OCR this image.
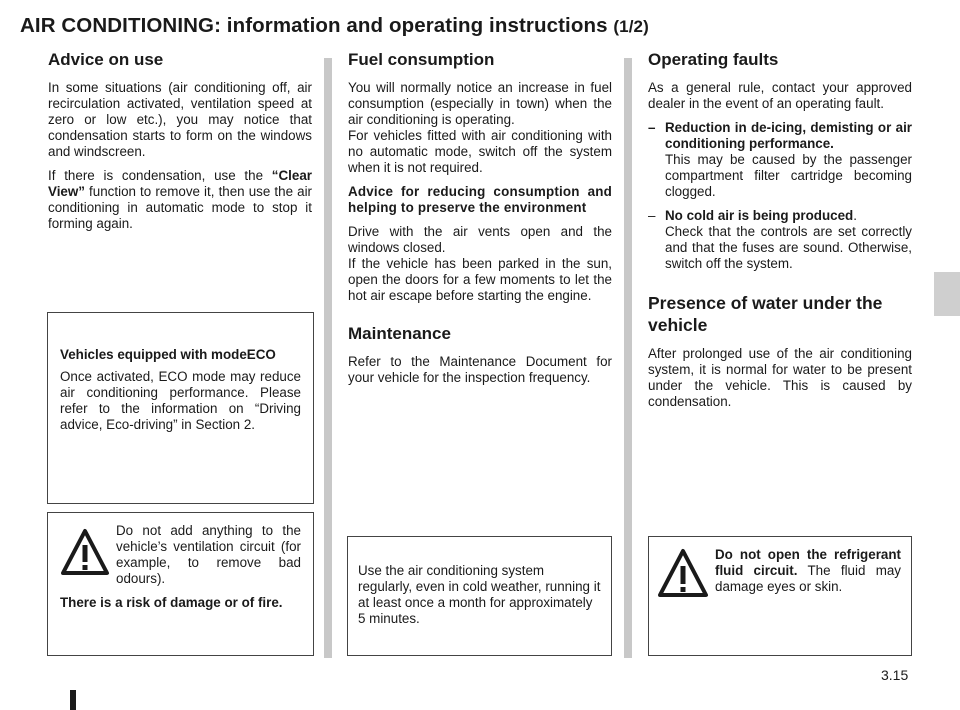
AIR CONDITIONING: information and operating instructions (1/2)
Advice on use

In some situations (air conditioning off, air recirculation activated, ventilation speed at zero or low etc.), you may notice that condensation starts to form on the windows and windscreen.

If there is condensation, use the “Clear View” function to remove it, then use the air conditioning in automatic mode to stop it forming again.

Vehicles equipped with modeECO

Once activated, ECO mode may reduce air conditioning performance. Please refer to the information on “Driving advice, Eco-driving” in Section 2.

Do not add anything to the vehicle’s ventilation circuit (for example, to remove bad odours).

There is a risk of damage or of fire.

Fuel consumption

You will normally notice an increase in fuel consumption (especially in town) when the air conditioning is operating.

For vehicles fitted with air conditioning with no automatic mode, switch off the system when it is not required.

Advice for reducing consumption and helping to preserve the environment

Drive with the air vents open and the windows closed.

If the vehicle has been parked in the sun, open the doors for a few moments to let the hot air escape before starting the engine.

Maintenance

Refer to the Maintenance Document for your vehicle for the inspection frequency.

Use the air conditioning system regularly, even in cold weather, running it at least once a month for approximately 5 minutes.

Operating faults

As a general rule, contact your approved dealer in the event of an operating fault.

– Reduction in de-icing, demisting or air conditioning performance.
This may be caused by the passenger compartment filter cartridge becoming clogged.
– No cold air is being produced.
Check that the controls are set correctly and that the fuses are sound. Otherwise, switch off the system.
Presence of water under the vehicle

After prolonged use of the air conditioning system, it is normal for water to be present under the vehicle. This is caused by condensation.

Do not open the refrigerant fluid circuit. The fluid may damage eyes or skin.

3.15
